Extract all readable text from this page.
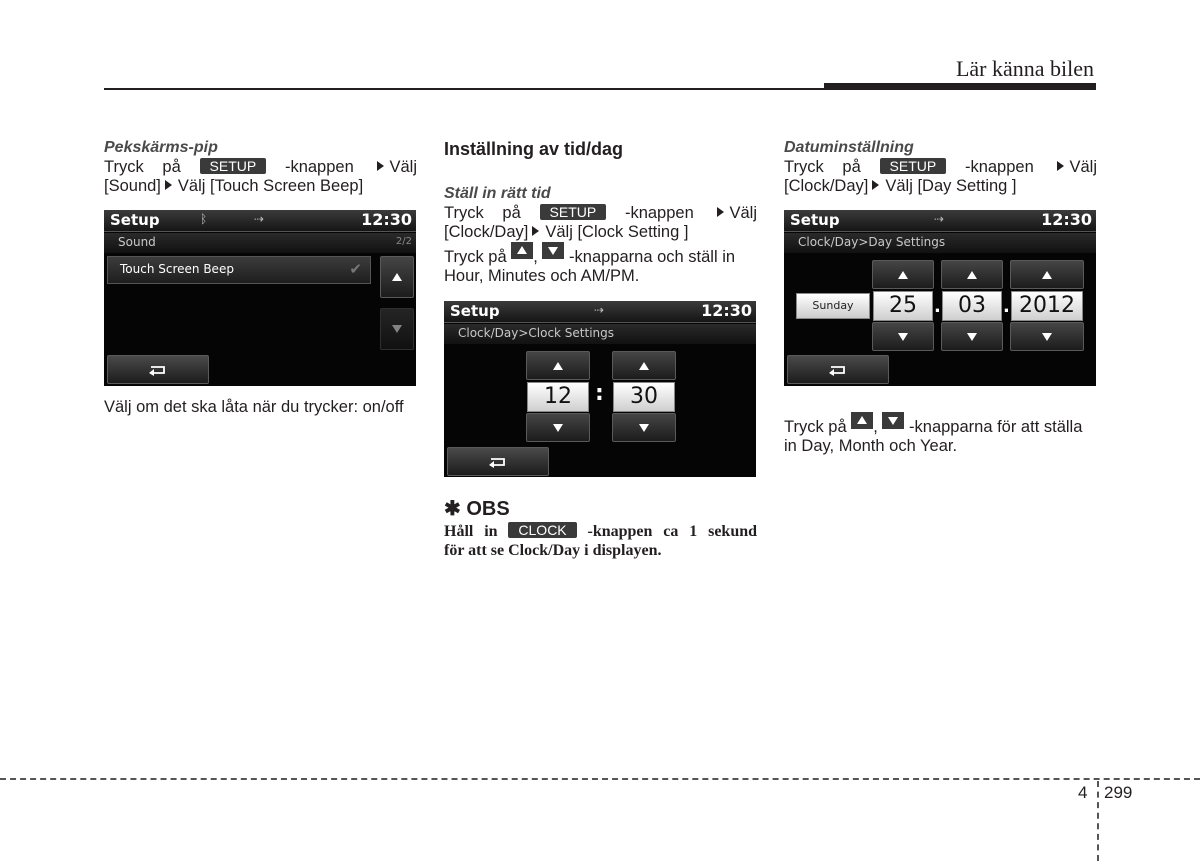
Lär känna bilen
Pekskärms-pip
Tryck på SETUP -knappen Välj
[Sound] Välj [Touch Screen Beep]
Setup	ᛒ	⇢	12:30
Sound	2/2
Touch Screen Beep	✔
Välj om det ska låta när du trycker: on/off
Inställning av tid/dag
Ställ in rätt tid
Tryck på SETUP -knappen Välj
[Clock/Day] Välj [Clock Setting ]
Tryck på , -knapparna och ställ in
Hour, Minutes och AM/PM.
Setup	⇢	12:30
Clock/Day>Clock Settings
12	:	30
✱ OBS
Håll in CLOCK -knappen ca 1 sekund
för att se Clock/Day i displayen.
Datuminställning
Tryck på SETUP -knappen Välj
[Clock/Day] Välj [Day Setting ]
Setup	⇢	12:30
Clock/Day>Day Settings
Sunday	25 . 03 . 2012
Tryck på , -knapparna för att ställa
in Day, Month och Year.
4 299
